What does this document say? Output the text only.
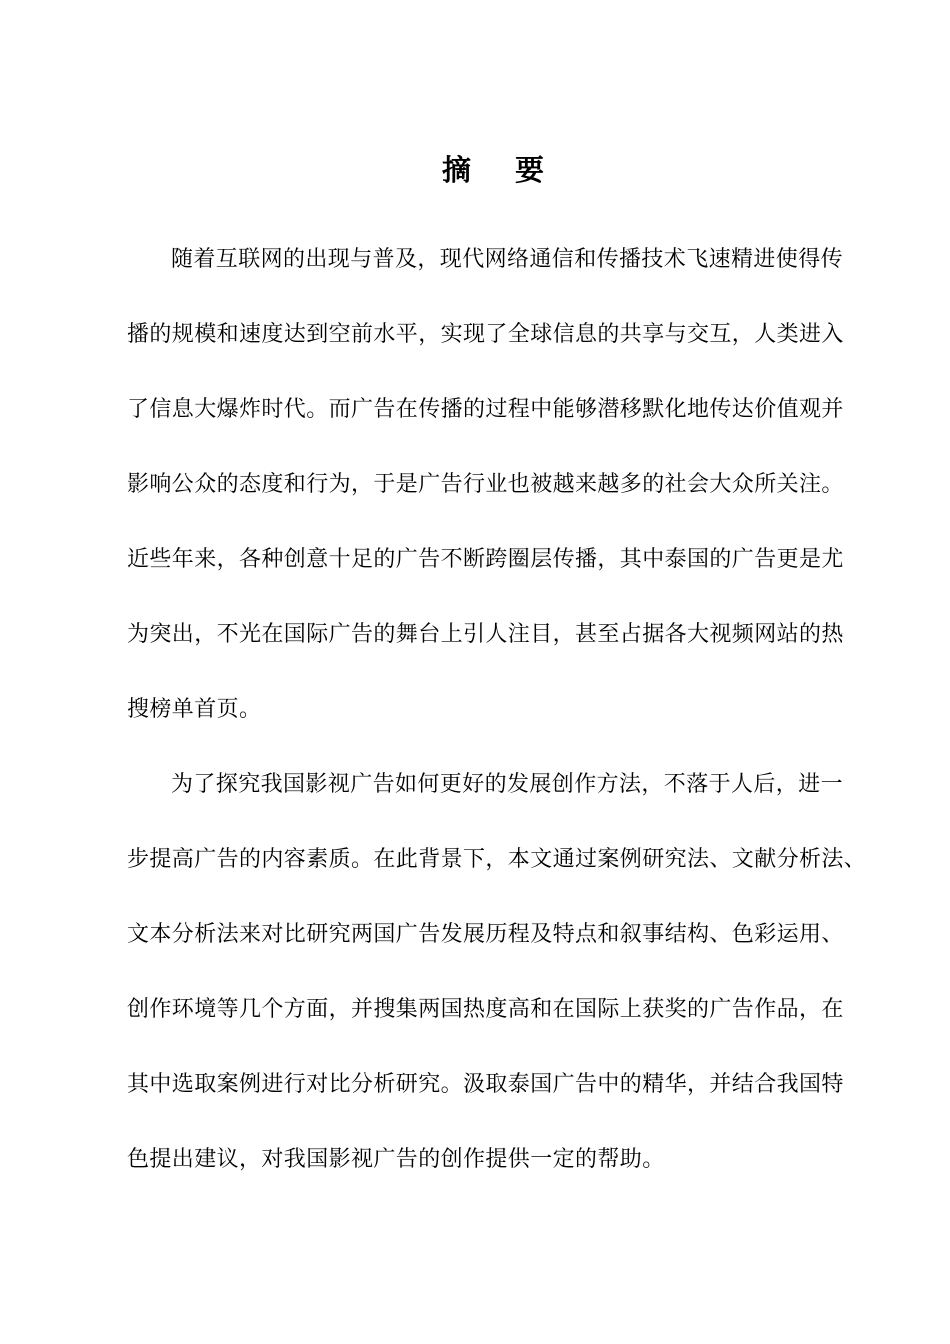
摘 要
随着互联网的出现与普及，现代网络通信和传播技术飞速精进使得传
播的规模和速度达到空前水平，实现了全球信息的共享与交互，人类进入
了信息大爆炸时代。而广告在传播的过程中能够潜移默化地传达价值观并
影响公众的态度和行为，于是广告行业也被越来越多的社会大众所关注。
近些年来，各种创意十足的广告不断跨圈层传播，其中泰国的广告更是尤
为突出，不光在国际广告的舞台上引人注目，甚至占据各大视频网站的热
搜榜单首页。
为了探究我国影视广告如何更好的发展创作方法，不落于人后，进一
步提高广告的内容素质。在此背景下，本文通过案例研究法、文献分析法、
文本分析法来对比研究两国广告发展历程及特点和叙事结构、色彩运用、
创作环境等几个方面，并搜集两国热度高和在国际上获奖的广告作品，在
其中选取案例进行对比分析研究。汲取泰国广告中的精华，并结合我国特
色提出建议，对我国影视广告的创作提供一定的帮助。
